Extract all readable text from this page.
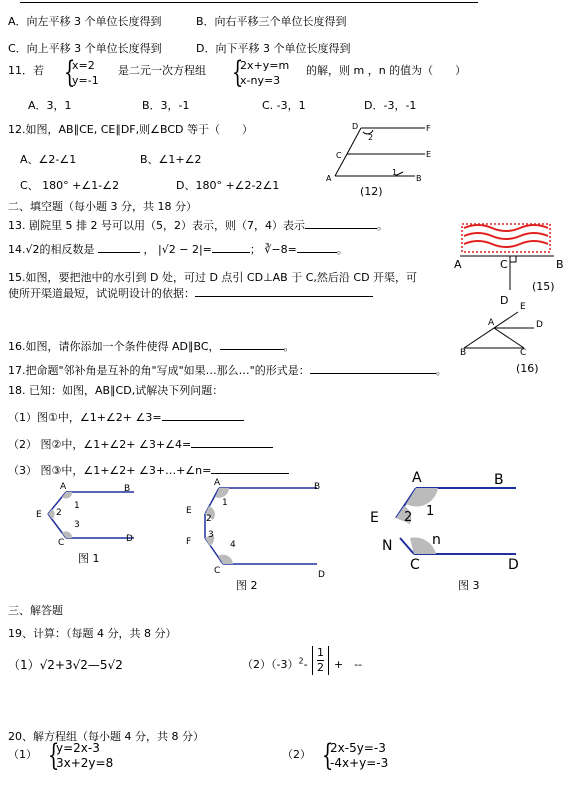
A．向左平移 3 个单位长度得到	B．向右平移三个单位长度得到
C．向上平移 3 个单位长度得到	D．向下平移 3 个单位长度得到
11．若 {
x=2
y=-1
是二元一次方程组 {
2x+y=m
x-ny=3
的解，则 m ，n 的值为（　　）
A．3，1	B．3，-1	C. -3，1	D．-3，-1
12.如图，AB∥CE, CE∥DF,则∠BCD 等于（　　）
A、∠2-∠1	B、∠1+∠2
C、 180° +∠1-∠2	D、180° +∠2-2∠1
D	F
2
C	E
1
A	B
(12)
二、填空题（每小题 3 分，共 18 分）
13. 剧院里 5 排 2 号可以用（5，2）表示，则（7，4）表示	。
14.√2的相反数是	， |√2 − 2|=	； ∛−8=	。
15.如图，要把池中的水引到 D 处，可过 D 点引 CD⊥AB 于 C,然后沿 CD 开渠，可
使所开渠道最短，试说明设计的依据：
A	C	B
D
(15)
16.如图，请你添加一个条件使得 AD∥BC，	。
E
A	D
B	C
(16)
17.把命题"邻补角是互补的角"写成"如果…那么…"的形式是：	。
18. 已知：如图，AB∥CD,试解决下列问题：
（1）图①中，∠1+∠2+ ∠3=
（2） 图②中，∠1+∠2+ ∠3+∠4=
（3） 图③中，∠1+∠2+ ∠3+…+∠n=
A	B
1
E 2
3
C	D
图 1
A	B
1
E
2
3
F	4
C	D
图 2
A	B
1
E 2
N	n
C	D
图 3
三、解答题
19、计算：（每题 4 分，共 8 分）
（1）√2+3√2—5√2	$(2)(-3)^2-$
1
2 +　--
20、解方程组（每小题 4 分，共 8 分）
（1） {
y=2x-3
3x+2y=8
（2） {
2x-5y=-3
-4x+y=-3
